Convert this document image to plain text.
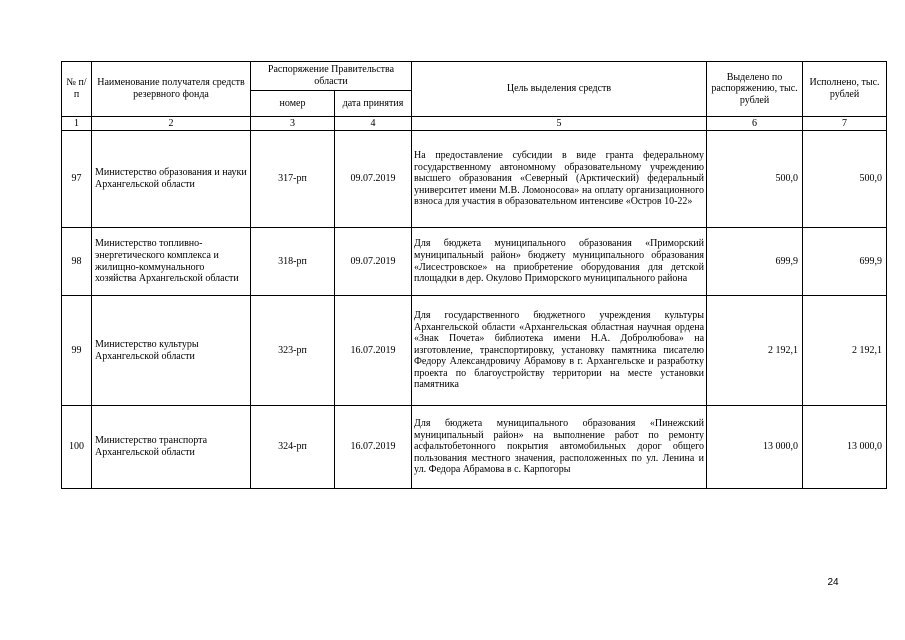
№ п/п	Наименование получателя средств резервного фонда	Распоряжение Правительства области		Цель выделения средств	Выделено по распоряжению, тыс. рублей	Исполнено, тыс. рублей
		номер	дата принятия			
1	2	3	4	5	6	7
97	Министерство образования и науки Архангельской области	317-рп	09.07.2019	На предоставление субсидии в виде гранта федеральному государственному автономному образовательному учреждению высшего образования «Северный (Арктический) федеральный университет имени М.В. Ломоносова» на оплату организационного взноса для участия в образовательном интенсиве «Остров 10-22»	500,0	500,0
98	Министерство топливно-энергетического комплекса и жилищно-коммунального хозяйства Архангельской области	318-рп	09.07.2019	Для бюджета муниципального образования «Приморский муниципальный район» бюджету муниципального образования «Лисестровское» на приобретение оборудования для детской площадки в дер. Окулово Приморского муниципального района	699,9	699,9
99	Министерство культуры Архангельской области	323-рп	16.07.2019	Для государственного бюджетного учреждения культуры Архангельской области «Архангельская областная научная ордена «Знак Почета» библиотека имени Н.А. Добролюбова» на изготовление, транспортировку, установку памятника писателю Федору Александровичу Абрамову в г. Архангельске и разработку проекта по благоустройству территории на месте установки памятника	2 192,1	2 192,1
100	Министерство транспорта Архангельской области	324-рп	16.07.2019	Для бюджета муниципального образования «Пинежский муниципальный район» на выполнение работ по ремонту асфальтобетонного покрытия автомобильных дорог общего пользования местного значения, расположенных по ул. Ленина и ул. Федора Абрамова в с. Карпогоры	13 000,0	13 000,0
24
